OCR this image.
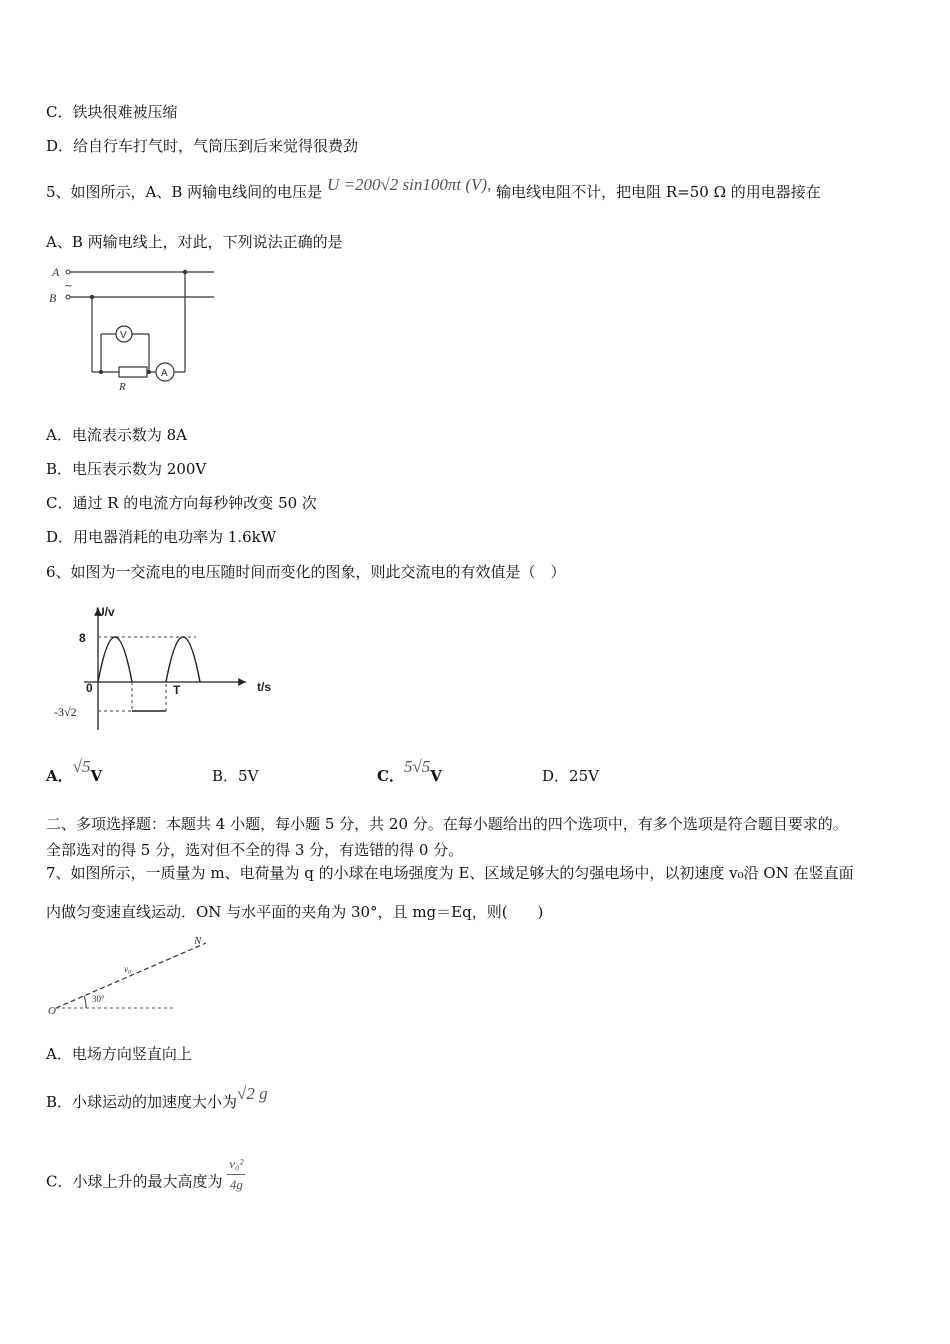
C．铁块很难被压缩
D．给自行车打气时，气筒压到后来觉得很费劲
5、如图所示，A、B 两输电线间的电压是 U =200√2 sin100πt (V), 输电线电阻不计，把电阻 R=50 Ω 的用电器接在
A、B 两输电线上，对此，下列说法正确的是
A
B
~
V
A
R
A．电流表示数为 8A
B．电压表示数为 200V
C．通过 R 的电流方向每秒钟改变 50 次
D．用电器消耗的电功率为 1.6kW
6、如图为一交流电的电压随时间而变化的图象，则此交流电的有效值是（　）
U/v
t/s
8
0	T
-3√2
A．√5V	B．5V	C．5√5V	D．25V
二、多项选择题：本题共 4 小题，每小题 5 分，共 20 分。在每小题给出的四个选项中，有多个选项是符合题目要求的。
全部选对的得 5 分，选对但不全的得 3 分，有选错的得 0 分。
7、如图所示，一质量为 m、电荷量为 q 的小球在电场强度为 E、区域足够大的匀强电场中，以初速度 v₀沿 ON 在竖直面
内做匀变速直线运动．ON 与水平面的夹角为 30°，且 mg＝Eq，则(　　)
N
O
v₀
30°
A．电场方向竖直向上
B．小球运动的加速度大小为√2 g
C．小球上升的最大高度为 $\frac{\text{v₀²}}{4g}$
